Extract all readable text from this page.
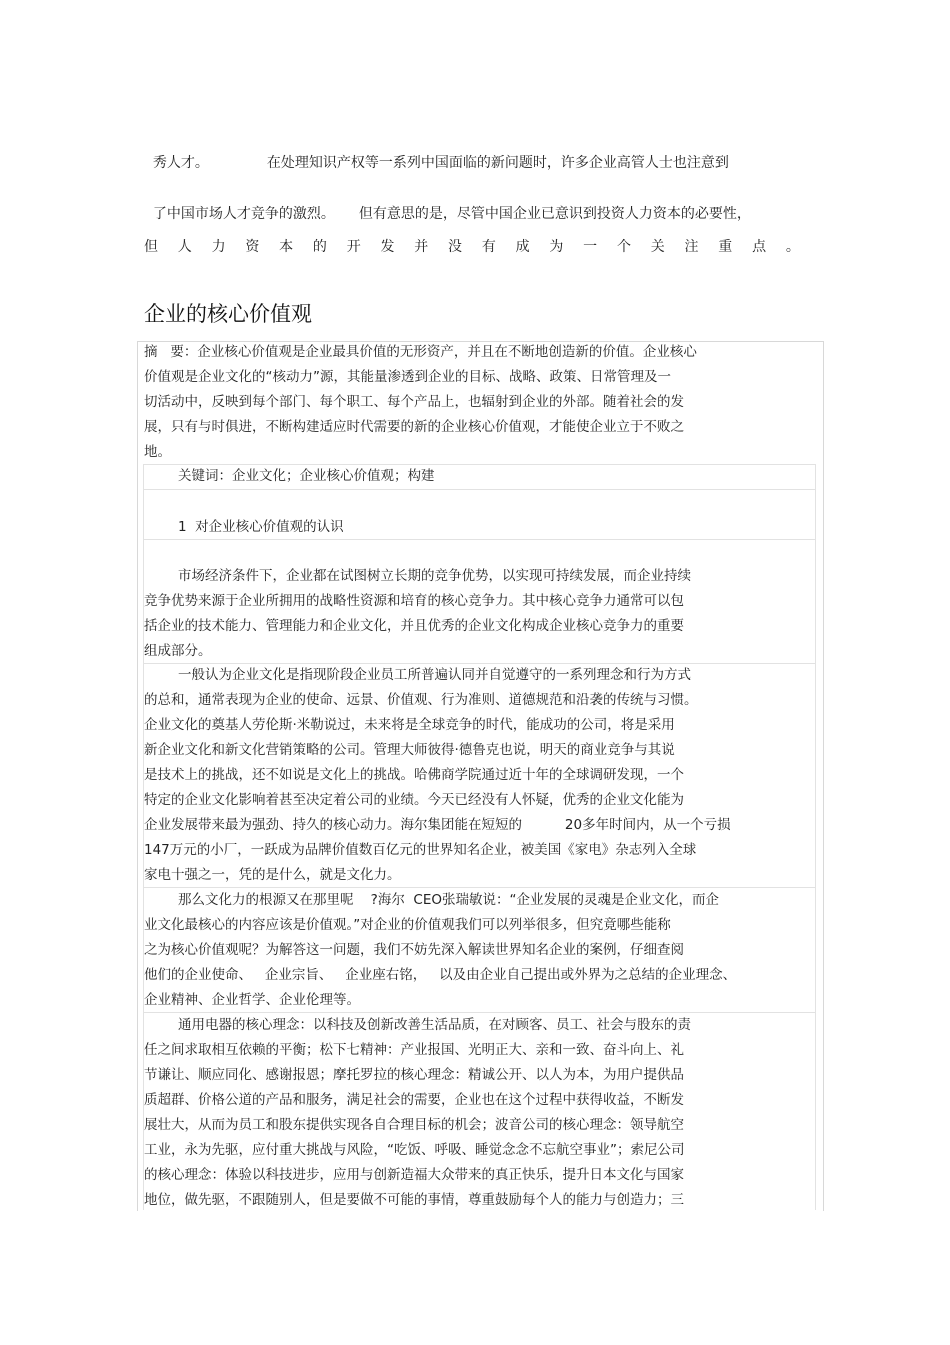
秀人才。	在处理知识产权等一系列中国面临的新问题时，许多企业高管人士也注意到

了中国市场人才竞争的激烈。 但有意思的是，尽管中国企业已意识到投资人力资本的必要性，

但 人 力 资 本 的 开 发 并 没 有 成 为 一 个 关 注 重 点 。
企业的核心价值观
摘   要：企业核心价值观是企业最具价值的无形资产，并且在不断地创造新的价值。企业核心
价值观是企业文化的“核动力”源，其能量渗透到企业的目标、战略、政策、日常管理及一
切活动中，反映到每个部门、每个职工、每个产品上，也辐射到企业的外部。随着社会的发
展，只有与时俱进，不断构建适应时代需要的新的企业核心价值观，才能使企业立于不败之
地。
关键词：企业文化；企业核心价值观；构建
1  对企业核心价值观的认识
市场经济条件下，企业都在试图树立长期的竞争优势，以实现可持续发展，而企业持续
竞争优势来源于企业所拥用的战略性资源和培育的核心竞争力。其中核心竞争力通常可以包
括企业的技术能力、管理能力和企业文化，并且优秀的企业文化构成企业核心竞争力的重要
组成部分。
一般认为企业文化是指现阶段企业员工所普遍认同并自觉遵守的一系列理念和行为方式
的总和，通常表现为企业的使命、远景、价值观、行为准则、道德规范和沿袭的传统与习惯。
企业文化的奠基人劳伦斯·米勒说过，未来将是全球竞争的时代，能成功的公司，将是采用
新企业文化和新文化营销策略的公司。管理大师彼得·德鲁克也说，明天的商业竞争与其说
是技术上的挑战，还不如说是文化上的挑战。哈佛商学院通过近十年的全球调研发现，一个
特定的企业文化影响着甚至决定着公司的业绩。今天已经没有人怀疑，优秀的企业文化能为
企业发展带来最为强劲、持久的核心动力。海尔集团能在短短的          20多年时间内，从一个亏损
147万元的小厂，一跃成为品牌价值数百亿元的世界知名企业，被美国《家电》杂志列入全球
家电十强之一，凭的是什么，就是文化力。
那么文化力的根源又在那里呢    ?海尔  CEO张瑞敏说：“企业发展的灵魂是企业文化，而企
业文化最核心的内容应该是价值观。”对企业的价值观我们可以列举很多，但究竟哪些能称
之为核心价值观呢？为解答这一问题，我们不妨先深入解读世界知名企业的案例，仔细查阅
他们的企业使命、   企业宗旨、   企业座右铭，   以及由企业自己提出或外界为之总结的企业理念、
企业精神、企业哲学、企业伦理等。
通用电器的核心理念：以科技及创新改善生活品质，在对顾客、员工、社会与股东的责
任之间求取相互依赖的平衡；松下七精神：产业报国、光明正大、亲和一致、奋斗向上、礼
节谦让、顺应同化、感谢报恩；摩托罗拉的核心理念：精诚公开、以人为本，为用户提供品
质超群、价格公道的产品和服务，满足社会的需要，企业也在这个过程中获得收益，不断发
展壮大，从而为员工和股东提供实现各自合理目标的机会；波音公司的核心理念：领导航空
工业，永为先驱，应付重大挑战与风险，“吃饭、呼吸、睡觉念念不忘航空事业”；索尼公司
的核心理念：体验以科技进步，应用与创新造福大众带来的真正快乐，提升日本文化与国家
地位，做先驱，不跟随别人，但是要做不可能的事情，尊重鼓励每个人的能力与创造力；三
